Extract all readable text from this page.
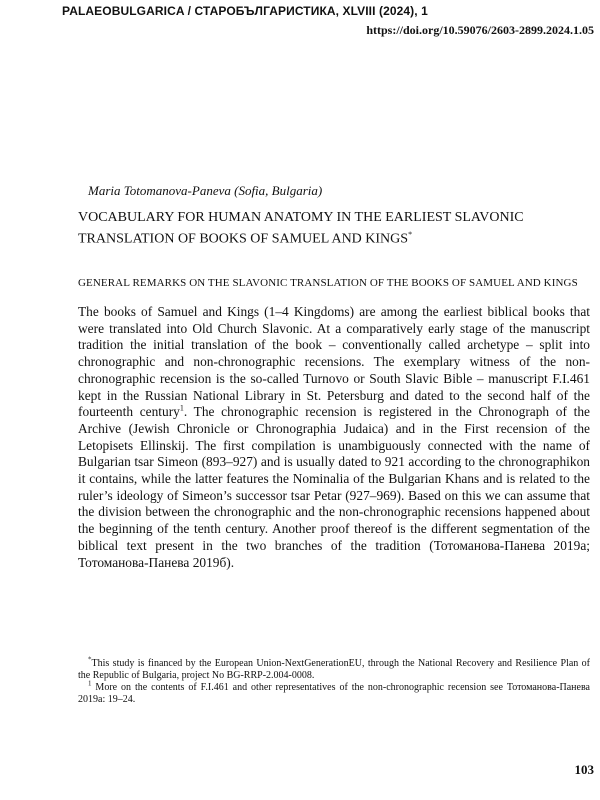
PALAEOBULGARICA / СТАРОБЪЛГАРИСТИКА, XLVIII (2024), 1
https://doi.org/10.59076/2603-2899.2024.1.05
Maria Totomanova-Paneva (Sofia, Bulgaria)
VOCABULARY FOR HUMAN ANATOMY IN THE EARLIEST SLAVONIC TRANSLATION OF BOOKS OF SAMUEL AND KINGS*
GENERAL REMARKS ON THE SLAVONIC TRANSLATION OF THE BOOKS OF SAMUEL AND KINGS

The books of Samuel and Kings (1–4 Kingdoms) are among the earliest biblical books that were translated into Old Church Slavonic. At a comparatively early stage of the manuscript tradition the initial translation of the book – conventionally called archetype – split into chronographic and non-chronographic recensions. The exemplary witness of the non-chronographic recension is the so-called Turnovo or South Slavic Bible – manuscript F.I.461 kept in the Russian National Library in St. Petersburg and dated to the second half of the fourteenth century$^1$. The chronographic recension is registered in the Chronograph of the Archive (Jewish Chronicle or Chronographia Judaica) and in the First recension of the Letopisets Ellinskij. The first compilation is unambiguously connected with the name of Bulgarian tsar Simeon (893–927) and is usually dated to 921 according to the chronographikon it contains, while the latter features the Nominalia of the Bulgarian Khans and is related to the ruler’s ideology of Simeon’s successor tsar Petar (927–969). Based on this we can assume that the division between the chronographic and the non-chronographic recensions happened about the beginning of the tenth century. Another proof thereof is the different segmentation of the biblical text present in the two branches of the tradition (Тотоманова-Панева 2019а; Тотоманова-Панева 2019б).

*This study is financed by the European Union-NextGenerationEU, through the National Recovery and Resilience Plan of the Republic of Bulgaria, project No BG-RRP-2.004-0008.

$^1$ More on the contents of F.I.461 and other representatives of the non-chronographic recension see Тотоманова-Панева 2019а: 19–24.

103
